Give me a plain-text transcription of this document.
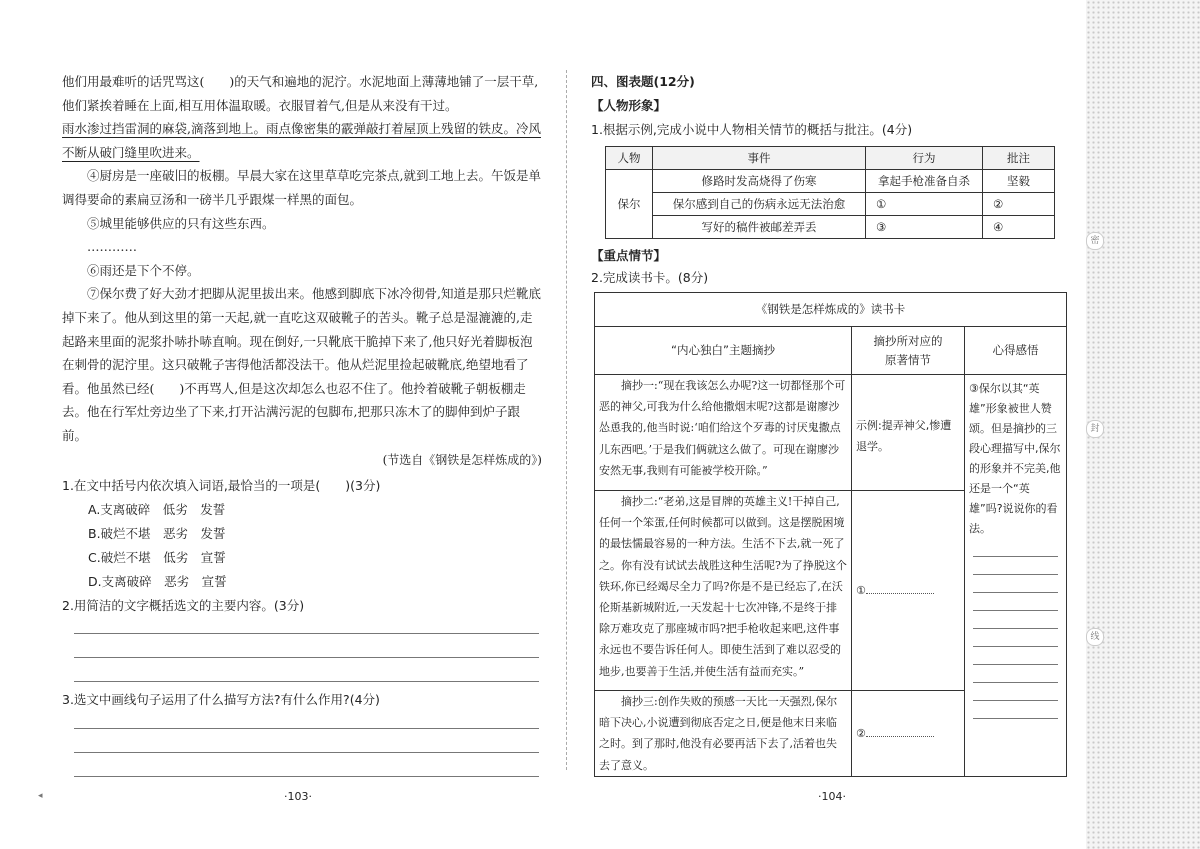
他们用最难听的话咒骂这(　　)的天气和遍地的泥泞。水泥地面上薄薄地铺了一层干草,他们紧挨着睡在上面,相互用体温取暖。衣服冒着气,但是从来没有干过。

雨水渗过挡雷洞的麻袋,滴落到地上。雨点像密集的霰弹敲打着屋顶上残留的铁皮。冷风不断从破门缝里吹进来。

④厨房是一座破旧的板棚。早晨大家在这里草草吃完茶点,就到工地上去。午饭是单调得要命的素扁豆汤和一磅半几乎跟煤一样黑的面包。

⑤城里能够供应的只有这些东西。

…………

⑥雨还是下个不停。

⑦保尔费了好大劲才把脚从泥里拔出来。他感到脚底下冰冷彻骨,知道是那只烂靴底掉下来了。他从到这里的第一天起,就一直吃这双破靴子的苦头。靴子总是湿漉漉的,走起路来里面的泥浆扑哧扑哧直响。现在倒好,一只靴底干脆掉下来了,他只好光着脚板泡在刺骨的泥泞里。这只破靴子害得他活都没法干。他从烂泥里捡起破靴底,绝望地看了看。他虽然已经(　　)不再骂人,但是这次却怎么也忍不住了。他拎着破靴子朝板棚走去。他在行军灶旁边坐了下来,打开沾满污泥的包脚布,把那只冻木了的脚伸到炉子跟前。

(节选自《钢铁是怎样炼成的》)
1.在文中括号内依次填入词语,最恰当的一项是(　　)(3分)
A.支离破碎　低劣　发誓
B.破烂不堪　恶劣　发誓
C.破烂不堪　低劣　宣誓
D.支离破碎　恶劣　宣誓
2.用简洁的文字概括选文的主要内容。(3分)
3.选文中画线句子运用了什么描写方法?有什么作用?(4分)
◂	·103·
四、图表题(12分)
【人物形象】
1.根据示例,完成小说中人物相关情节的概括与批注。(4分)
人物	事件	行为	批注
保尔	修路时发高烧得了伤寒	拿起手枪准备自杀	坚毅
	保尔感到自己的伤病永远无法治愈	①	②
	写好的稿件被邮差弄丢	③	④
【重点情节】
2.完成读书卡。(8分)
《钢铁是怎样炼成的》读书卡		
“内心独白”主题摘抄	摘抄所对应的
原著情节	心得感悟
摘抄一:“现在我该怎么办呢?这一切都怪那个可恶的神父,可我为什么给他撒烟末呢?这都是谢廖沙怂恿我的,他当时说:‘咱们给这个歹毒的讨厌鬼撒点儿东西吧。’于是我们俩就这么做了。可现在谢廖沙安然无事,我则有可能被学校开除。”	示例:提弄神父,惨遭退学。	③保尔以其“英雄”形象被世人赞颂。但是摘抄的三段心理描写中,保尔的形象并不完美,他还是一个“英雄”吗?说说你的看法。

摘抄二:“老弟,这是冒牌的英雄主义!干掉自己,任何一个笨蛋,任何时候都可以做到。这是摆脱困境的最怯懦最容易的一种方法。生活不下去,就一死了之。你有没有试试去战胜这种生活呢?为了挣脱这个铁环,你已经竭尽全力了吗?你是不是已经忘了,在沃伦斯基新城附近,一天发起十七次冲锋,不是终于排除万难攻克了那座城市吗?把手枪收起来吧,这件事永远也不要告诉任何人。即使生活到了难以忍受的地步,也要善于生活,并使生活有益而充实。”	①	
摘抄三:创作失败的预感一天比一天强烈,保尔暗下决心,小说遭到彻底否定之日,便是他末日来临之时。到了那时,他没有必要再活下去了,活着也失去了意义。	②	
·104·
密
封
线
